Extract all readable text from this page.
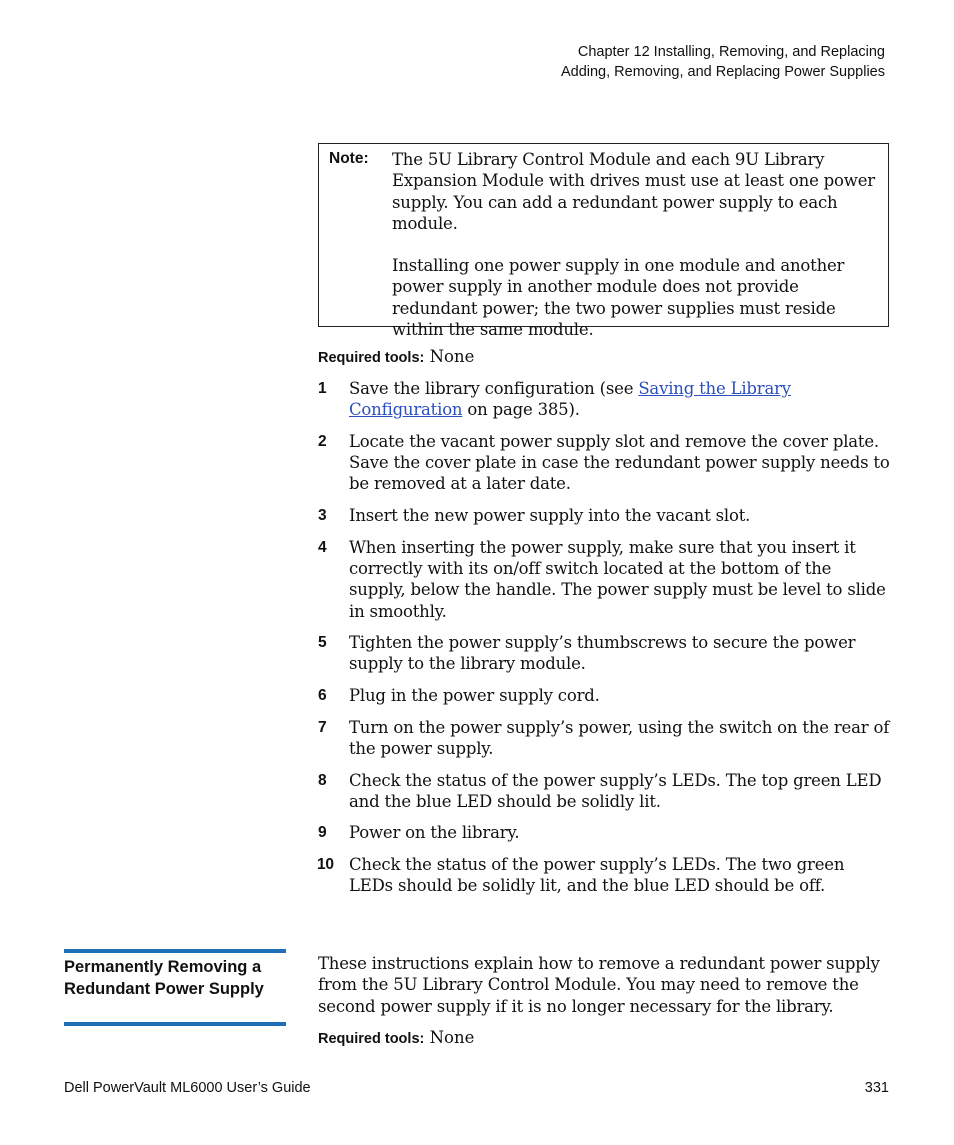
Chapter 12 Installing, Removing, and Replacing
Adding, Removing, and Replacing Power Supplies
Note: The 5U Library Control Module and each 9U Library Expansion Module with drives must use at least one power supply. You can add a redundant power supply to each module.

Installing one power supply in one module and another power supply in another module does not provide redundant power; the two power supplies must reside within the same module.

Required tools: None
1 Save the library configuration (see Saving the Library Configuration on page 385).
2 Locate the vacant power supply slot and remove the cover plate. Save the cover plate in case the redundant power supply needs to be removed at a later date.
3 Insert the new power supply into the vacant slot.
4 When inserting the power supply, make sure that you insert it correctly with its on/off switch located at the bottom of the supply, below the handle. The power supply must be level to slide in smoothly.
5 Tighten the power supply’s thumbscrews to secure the power supply to the library module.
6 Plug in the power supply cord.
7 Turn on the power supply’s power, using the switch on the rear of the power supply.
8 Check the status of the power supply’s LEDs. The top green LED and the blue LED should be solidly lit.
9 Power on the library.
10 Check the status of the power supply’s LEDs. The two green LEDs should be solidly lit, and the blue LED should be off.
Permanently Removing a Redundant Power Supply
These instructions explain how to remove a redundant power supply from the 5U Library Control Module. You may need to remove the second power supply if it is no longer necessary for the library.
Required tools: None
Dell PowerVault ML6000 User’s Guide	331
